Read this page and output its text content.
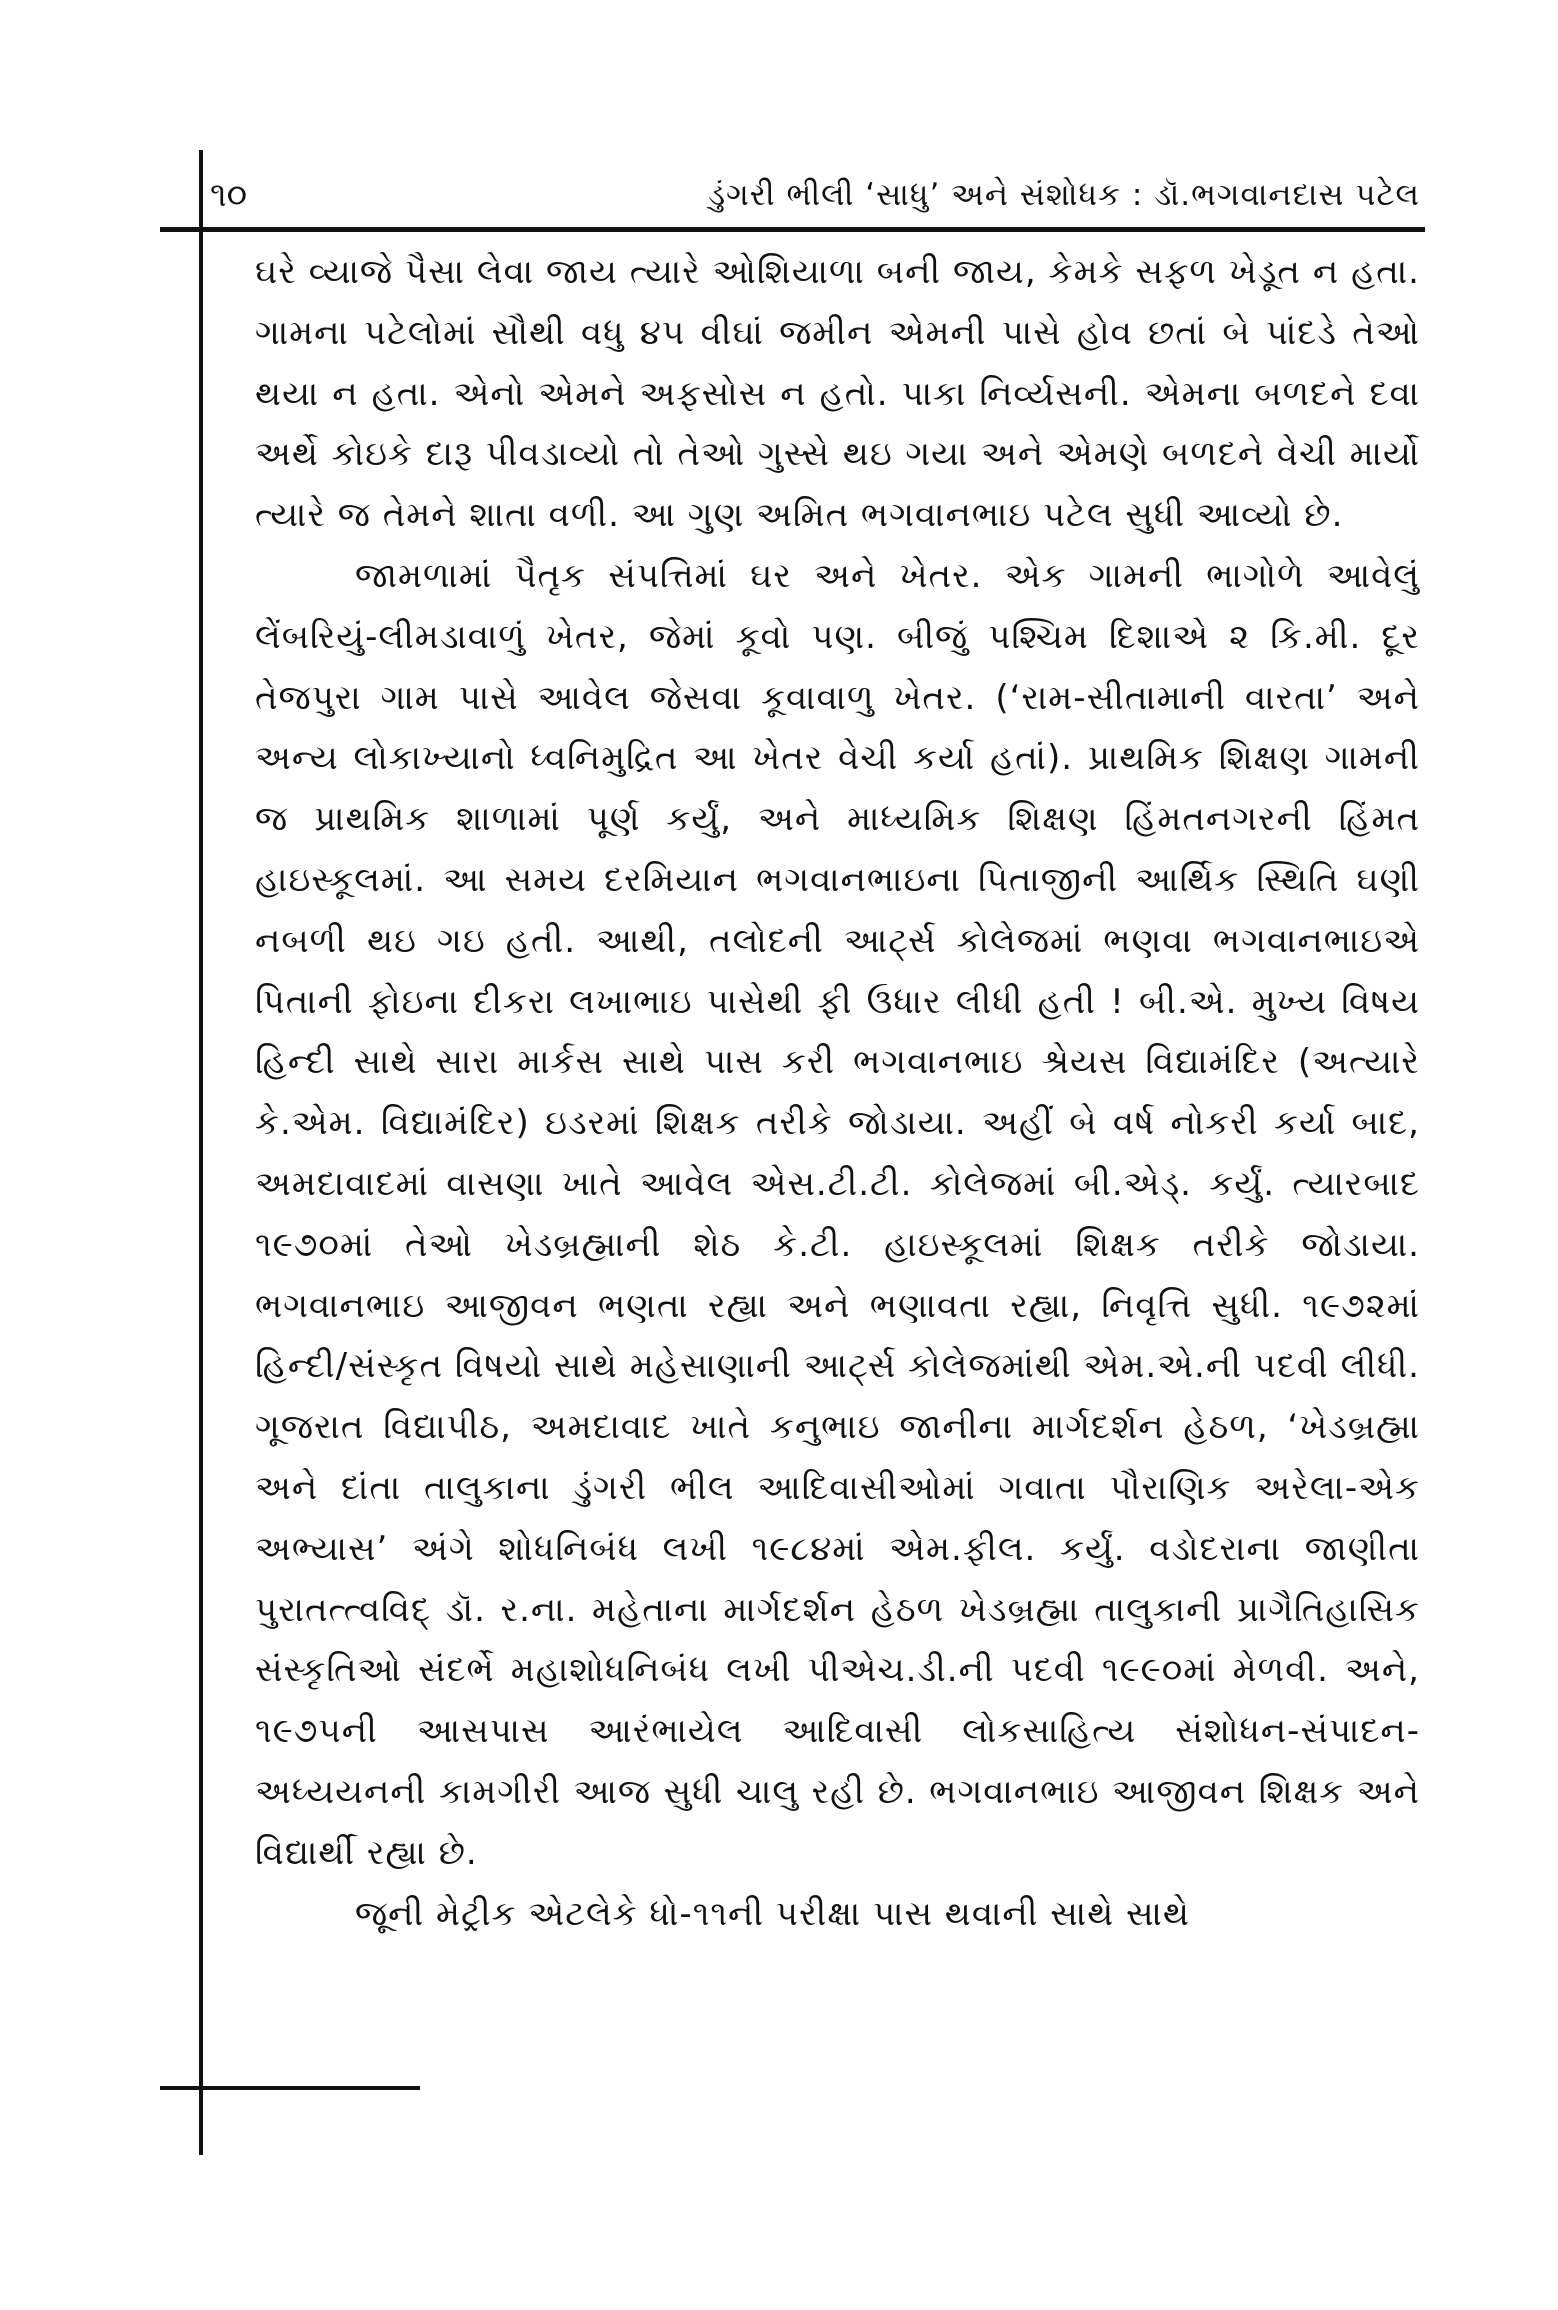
૧૦	ડુંગરી ભીલી ‘સાધુ’ અને સંશોધક : ડૉ.ભગવાનદાસ પટેલ

ઘરે વ્યાજે પૈસા લેવા જાય ત્યારે ઓશિયાળા બની જાય, કેમકે સફળ ખેડૂત ન હતા. ગામના પટેલોમાં સૌથી વધુ ૪૫ વીઘાં જમીન એમની પાસે હોવ છતાં બે પાંદડે તેઓ થયા ન હતા. એનો એમને અફસોસ ન હતો. પાકા નિર્વ્યસની. એમના બળદને દવા અર્થે કોઇકે દારૂ પીવડાવ્યો તો તેઓ ગુસ્સે થઇ ગયા અને એમણે બળદને વેચી માર્યો ત્યારે જ તેમને શાતા વળી. આ ગુણ અમિત ભગવાનભાઇ પટેલ સુધી આવ્યો છે.

જામળામાં પૈતૃક સંપત્તિમાં ઘર અને ખેતર. એક ગામની ભાગોળે આવેલું લેંબરિયું-લીમડાવાળું ખેતર, જેમાં કૂવો પણ. બીજું પશ્ચિમ દિશાએ ૨ કિ.મી. દૂર તેજપુરા ગામ પાસે આવેલ જેસવા કૂવાવાળુ ખેતર. (‘રામ-સીતામાની વારતા’ અને અન્ય લોકાખ્યાનો ધ્વનિમુદ્રિત આ ખેતર વેચી કર્યા હતાં). પ્રાથમિક શિક્ષણ ગામની જ પ્રાથમિક શાળામાં પૂર્ણ કર્યું, અને માધ્યમિક શિક્ષણ હિંમતનગરની હિંમત હાઇસ્કૂલમાં. આ સમય દરમિયાન ભગવાનભાઇના પિતાજીની આર્થિક સ્થિતિ ઘણી નબળી થઇ ગઇ હતી. આથી, તલોદની આર્ટ્સ કોલેજમાં ભણવા ભગવાનભાઇએ પિતાની ફોઇના દીકરા લખાભાઇ પાસેથી ફી ઉધાર લીધી હતી ! બી.એ. મુખ્ય વિષય હિન્દી સાથે સારા માર્કસ સાથે પાસ કરી ભગવાનભાઇ શ્રેયસ વિદ્યામંદિર (અત્યારે કે.એમ. વિદ્યામંદિર) ઇડરમાં શિક્ષક તરીકે જોડાયા. અહીં બે વર્ષ નોકરી કર્યા બાદ, અમદાવાદમાં વાસણા ખાતે આવેલ એસ.ટી.ટી. કોલેજમાં બી.એડ્. કર્યું. ત્યારબાદ ૧૯૭૦માં તેઓ ખેડબ્રહ્માની શેઠ કે.ટી. હાઇસ્કૂલમાં શિક્ષક તરીકે જોડાયા. ભગવાનભાઇ આજીવન ભણતા રહ્યા અને ભણાવતા રહ્યા, નિવૃત્તિ સુધી. ૧૯૭૨માં હિન્દી/સંસ્કૃત વિષયો સાથે મહેસાણાની આર્ટ્સ કોલેજમાંથી એમ.એ.ની પદવી લીધી. ગૂજરાત વિદ્યાપીઠ, અમદાવાદ ખાતે કનુભાઇ જાનીના માર્ગદર્શન હેઠળ, ‘ખેડબ્રહ્મા અને દાંતા તાલુકાના ડુંગરી ભીલ આદિવાસીઓમાં ગવાતા પૌરાણિક અરેલા-એક અભ્યાસ’ અંગે શોધનિબંધ લખી ૧૯૮૪માં એમ.ફીલ. કર્યું. વડોદરાના જાણીતા પુરાતત્ત્વવિદ્ ડૉ. ર.ના. મહેતાના માર્ગદર્શન હેઠળ ખેડબ્રહ્મા તાલુકાની પ્રાગૈતિહાસિક સંસ્કૃતિઓ સંદર્ભે મહાશોધનિબંધ લખી પીએચ.ડી.ની પદવી ૧૯૯૦માં મેળવી. અને, ૧૯૭૫ની આસપાસ આરંભાયેલ આદિવાસી લોકસાહિત્ય સંશોધન-સંપાદન-અધ્યયનની કામગીરી આજ સુધી ચાલુ રહી છે. ભગવાનભાઇ આજીવન શિક્ષક અને વિદ્યાર્થી રહ્યા છે.

જૂની મેટ્રીક એટલેકે ધો-૧૧ની પરીક્ષા પાસ થવાની સાથે સાથે
